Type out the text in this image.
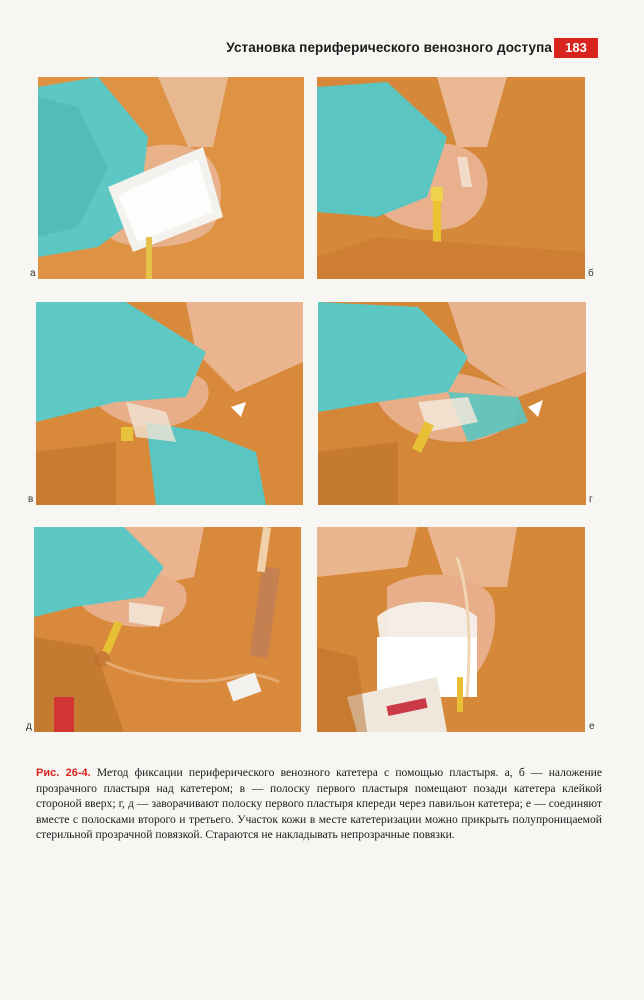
Установка периферического венозного доступа	183
а	б
в	г
д	е

Рис. 26-4. Метод фиксации периферического венозного катетера с помощью пластыря. а, б — наложение прозрачного пластыря над катетером; в — полоску первого пластыря помещают позади катетера клейкой стороной вверх; г, д — заворачивают полоску первого пластыря кпереди через павильон катетера; е — соединяют вместе с полосками второго и третьего. Участок кожи в месте катетеризации можно прикрыть полупроницаемой стерильной прозрачной повязкой. Стараются не накладывать непрозрачные повязки.
